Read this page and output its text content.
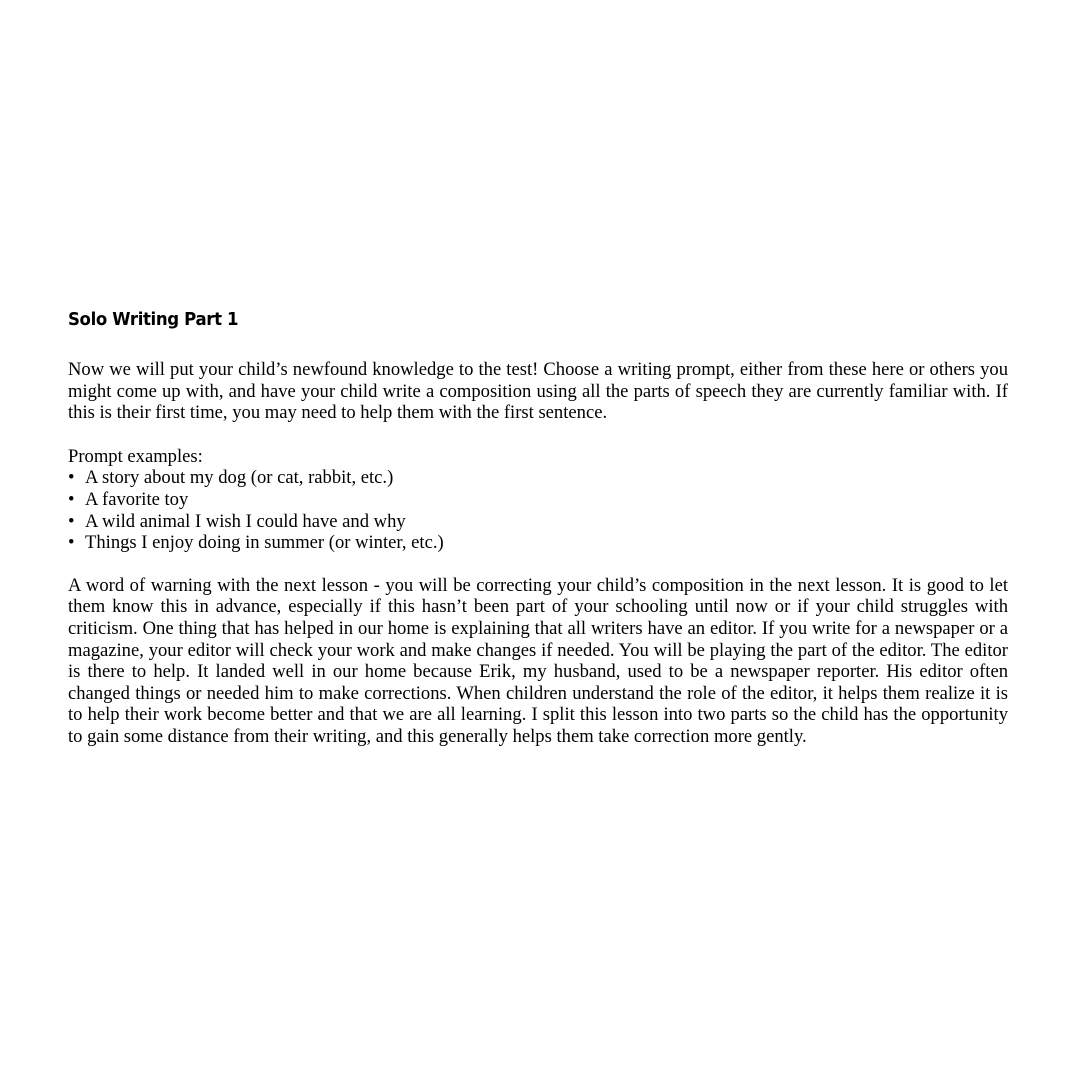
Solo Writing Part 1

Now we will put your child’s newfound knowledge to the test! Choose a writing prompt, either from these here or others you might come up with, and have your child write a composition using all the parts of speech they are currently familiar with. If this is their first time, you may need to help them with the first sentence.

Prompt examples:

• A story about my dog (or cat, rabbit, etc.)
• A favorite toy
• A wild animal I wish I could have and why
• Things I enjoy doing in summer (or winter, etc.)

A word of warning with the next lesson - you will be correcting your child’s composition in the next lesson. It is good to let them know this in advance, especially if this hasn’t been part of your schooling until now or if your child struggles with criticism. One thing that has helped in our home is explaining that all writers have an editor. If you write for a newspaper or a magazine, your editor will check your work and make changes if needed. You will be playing the part of the editor. The editor is there to help. It landed well in our home because Erik, my husband, used to be a newspaper reporter. His editor often changed things or needed him to make corrections. When children understand the role of the editor, it helps them realize it is to help their work become better and that we are all learning. I split this lesson into two parts so the child has the opportunity to gain some distance from their writing, and this generally helps them take correction more gently.
